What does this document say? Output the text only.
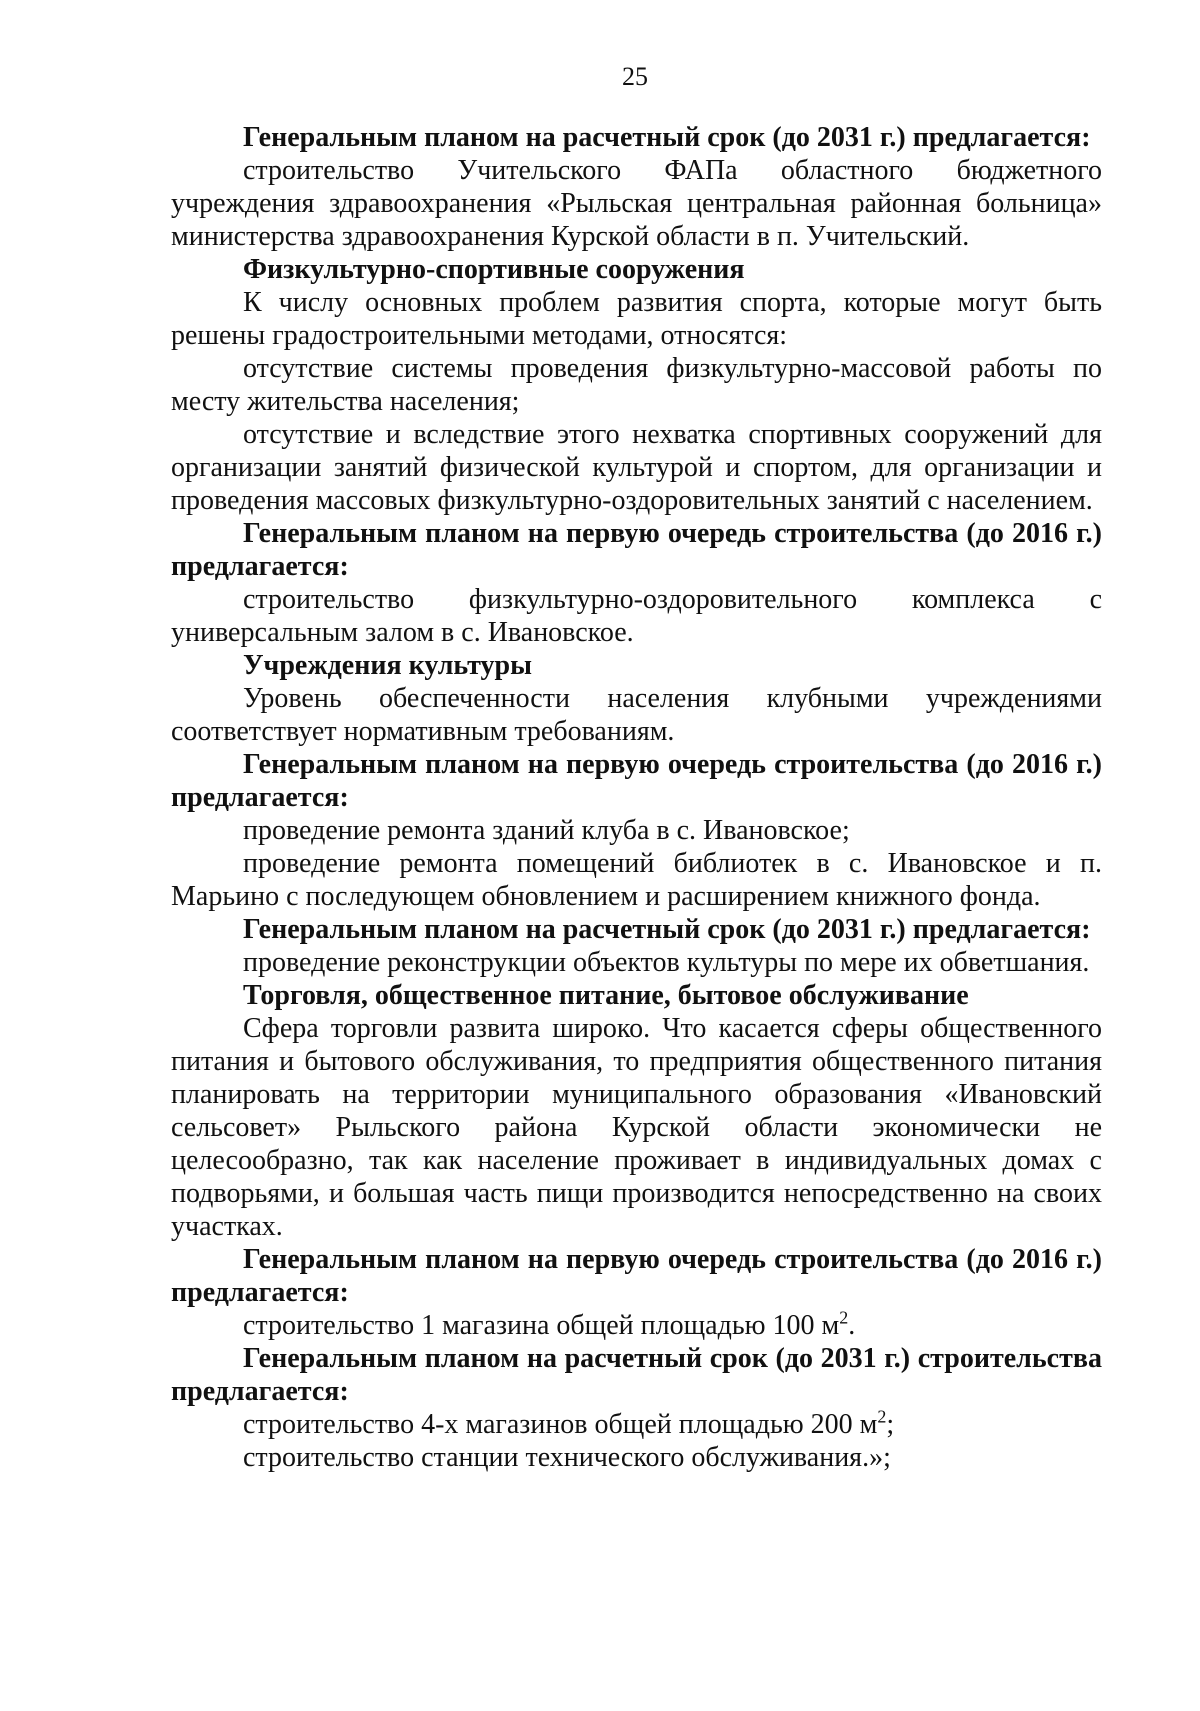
25

Генеральным планом на расчетный срок (до 2031 г.) предлагается:

строительство Учительского ФАПа областного бюджетного учреждения здравоохранения «Рыльская центральная районная больница» министерства здравоохранения Курской области в п. Учительский.

Физкультурно-спортивные сооружения

К числу основных проблем развития спорта, которые могут быть решены градостроительными методами, относятся:

отсутствие системы проведения физкультурно-массовой работы по месту жительства населения;

отсутствие и вследствие этого нехватка спортивных сооружений для организации занятий физической культурой и спортом, для организации и проведения массовых физкультурно-оздоровительных занятий с населением.

Генеральным планом на первую очередь строительства (до 2016 г.) предлагается:

строительство физкультурно-оздоровительного комплекса с универсальным залом в с. Ивановское.

Учреждения культуры

Уровень обеспеченности населения клубными учреждениями соответствует нормативным требованиям.

Генеральным планом на первую очередь строительства (до 2016 г.) предлагается:

проведение ремонта зданий клуба в с. Ивановское;

проведение ремонта помещений библиотек в с. Ивановское и п. Марьино с последующем обновлением и расширением книжного фонда.

Генеральным планом на расчетный срок (до 2031 г.) предлагается:

проведение реконструкции объектов культуры по мере их обветшания.

Торговля, общественное питание, бытовое обслуживание

Сфера торговли развита широко. Что касается сферы общественного питания и бытового обслуживания, то предприятия общественного питания планировать на территории муниципального образования «Ивановский сельсовет» Рыльского района Курской области экономически не целесообразно, так как население проживает в индивидуальных домах с подворьями, и большая часть пищи производится непосредственно на своих участках.

Генеральным планом на первую очередь строительства (до 2016 г.) предлагается:

строительство 1 магазина общей площадью 100 $м^2$.

Генеральным планом на расчетный срок (до 2031 г.) строительства предлагается:

строительство 4-х магазинов общей площадью 200 $м^2$;

строительство станции технического обслуживания.»;
